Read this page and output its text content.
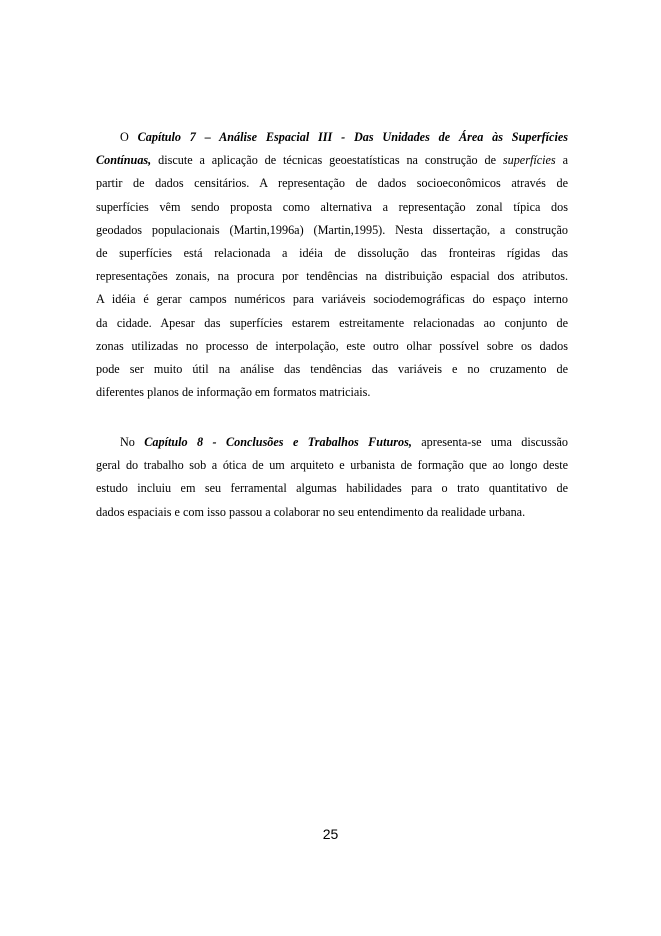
O Capítulo 7 – Análise Espacial III - Das Unidades de Área às Superfícies
Contínuas, discute a aplicação de técnicas geoestatísticas na construção de superfícies a
partir de dados censitários. A representação de dados socioeconômicos através de
superfícies vêm sendo proposta como alternativa a representação zonal típica dos
geodados populacionais (Martin,1996a) (Martin,1995). Nesta dissertação, a construção
de superfícies está relacionada a idéia de dissolução das fronteiras rígidas das
representações zonais, na procura por tendências na distribuição espacial dos atributos.
A idéia é gerar campos numéricos para variáveis sociodemográficas do espaço interno
da cidade. Apesar das superfícies estarem estreitamente relacionadas ao conjunto de
zonas utilizadas no processo de interpolação, este outro olhar possível sobre os dados
pode ser muito útil na análise das tendências das variáveis e no cruzamento de
diferentes planos de informação em formatos matriciais.
No Capítulo 8 - Conclusões e Trabalhos Futuros, apresenta-se uma discussão
geral do trabalho sob a ótica de um arquiteto e urbanista de formação que ao longo deste
estudo incluiu em seu ferramental algumas habilidades para o trato quantitativo de
dados espaciais e com isso passou a colaborar no seu entendimento da realidade urbana.
25
